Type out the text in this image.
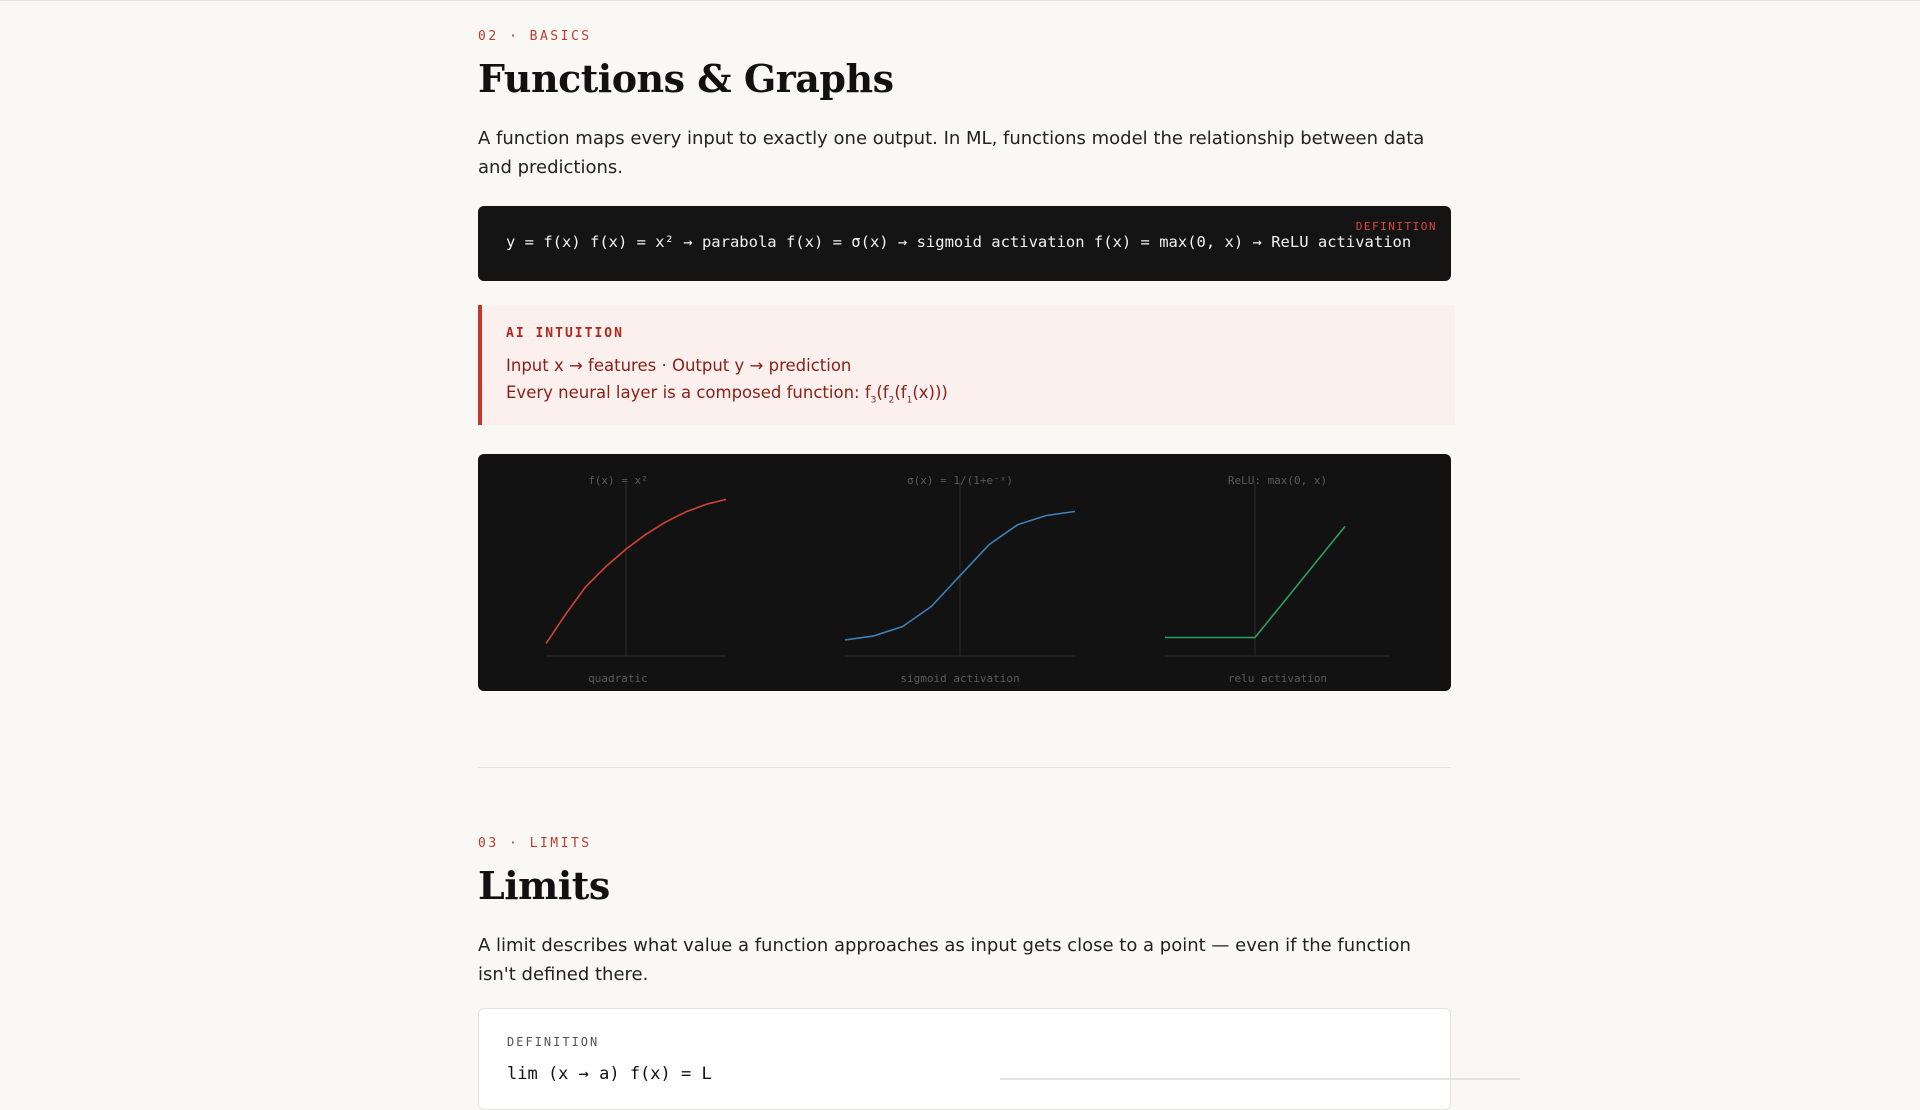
02 · BASICS
Functions & Graphs

A function maps every input to exactly one output. In ML, functions model the relationship between data and predictions.

DEFINITION
y = f(x) f(x) = x² → parabola f(x) = σ(x) → sigmoid activation f(x) = max(0, x) → ReLU activation
AI INTUITION
Input x → features · Output y → prediction
Every neural layer is a composed function: $f_3(f_2(f_1(x)))$
f(x) = x²
quadratic
σ(x) = 1/(1+e⁻ˣ)
sigmoid activation
ReLU: max(0, x)
relu activation
03 · LIMITS
Limits

A limit describes what value a function approaches as input gets close to a point — even if the function isn't defined there.

DEFINITION
lim (x → a) f(x) = L
